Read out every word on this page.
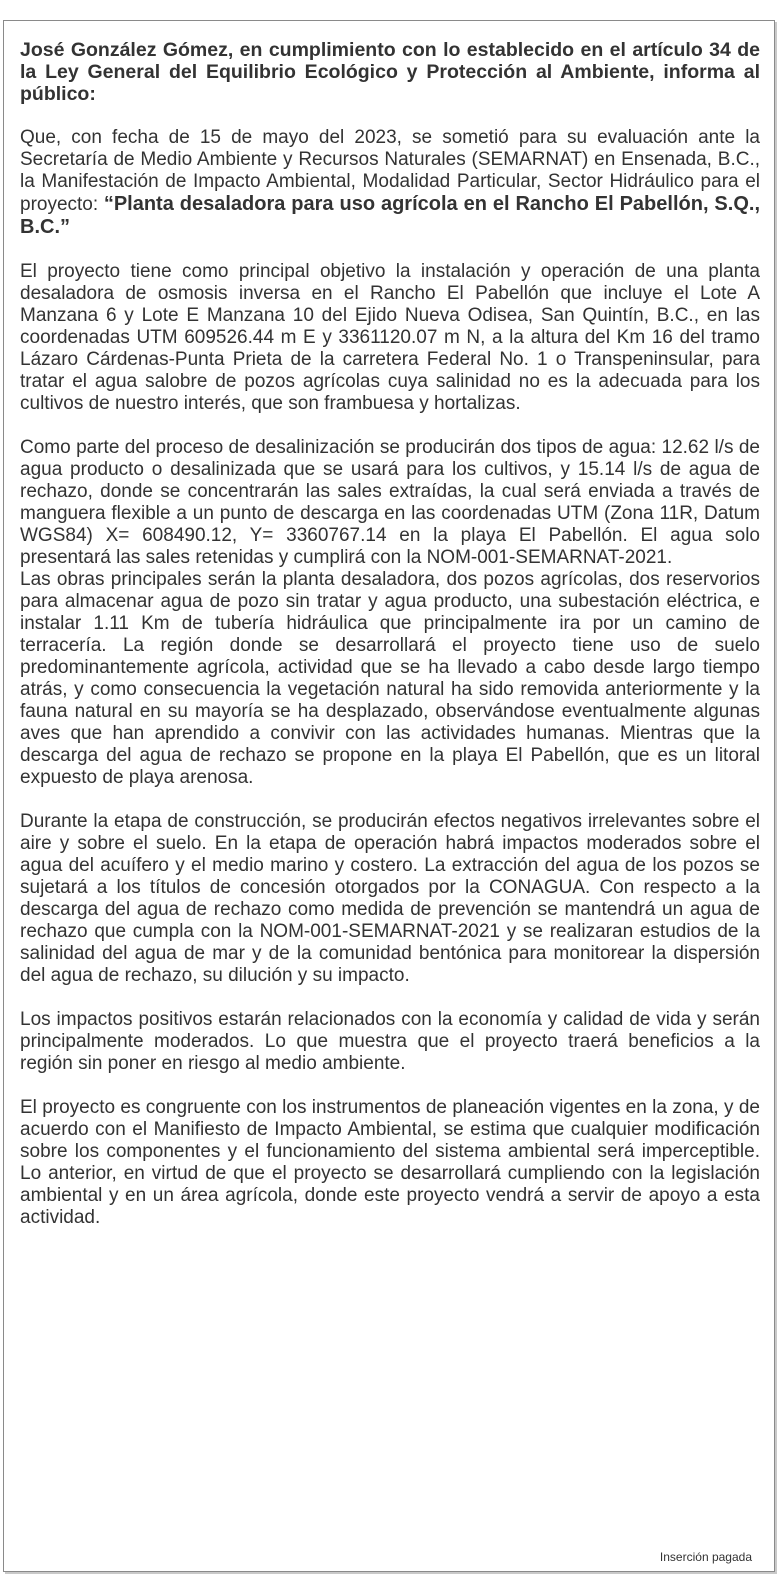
José González Gómez, en cumplimiento con lo establecido en el artículo 34 de la Ley General del Equilibrio Ecológico y Protección al Ambiente, informa al público:

Que, con fecha de 15 de mayo del 2023, se sometió para su evaluación ante la Secretaría de Medio Ambiente y Recursos Naturales (SEMARNAT) en Ensenada, B.C., la Manifestación de Impacto Ambiental, Modalidad Particular, Sector Hidráulico para el proyecto: “Planta desaladora para uso agrícola en el Rancho El Pabellón, S.Q., B.C.”

El proyecto tiene como principal objetivo la instalación y operación de una planta desaladora de osmosis inversa en el Rancho El Pabellón que incluye el Lote A Manzana 6 y Lote E Manzana 10 del Ejido Nueva Odisea, San Quintín, B.C., en las coordenadas UTM 609526.44 m E y 3361120.07 m N, a la altura del Km 16 del tramo Lázaro Cárdenas-Punta Prieta de la carretera Federal No. 1 o Transpeninsular, para tratar el agua salobre de pozos agrícolas cuya salinidad no es la adecuada para los cultivos de nuestro interés, que son frambuesa y hortalizas.

Como parte del proceso de desalinización se producirán dos tipos de agua: 12.62 l/s de agua producto o desalinizada que se usará para los cultivos, y 15.14 l/s de agua de rechazo, donde se concentrarán las sales extraídas, la cual será enviada a través de manguera flexible a un punto de descarga en las coordenadas UTM (Zona 11R, Datum WGS84) X= 608490.12, Y= 3360767.14 en la playa El Pabellón. El agua solo presentará las sales retenidas y cumplirá con la NOM-001-SEMARNAT-2021.

Las obras principales serán la planta desaladora, dos pozos agrícolas, dos reservorios para almacenar agua de pozo sin tratar y agua producto, una subestación eléctrica, e instalar 1.11 Km de tubería hidráulica que principalmente ira por un camino de terracería. La región donde se desarrollará el proyecto tiene uso de suelo predominantemente agrícola, actividad que se ha llevado a cabo desde largo tiempo atrás, y como consecuencia la vegetación natural ha sido removida anteriormente y la fauna natural en su mayoría se ha desplazado, observándose eventualmente algunas aves que han aprendido a convivir con las actividades humanas. Mientras que la descarga del agua de rechazo se propone en la playa El Pabellón, que es un litoral expuesto de playa arenosa.

Durante la etapa de construcción, se producirán efectos negativos irrelevantes sobre el aire y sobre el suelo. En la etapa de operación habrá impactos moderados sobre el agua del acuífero y el medio marino y costero. La extracción del agua de los pozos se sujetará a los títulos de concesión otorgados por la CONAGUA. Con respecto a la descarga del agua de rechazo como medida de prevención se mantendrá un agua de rechazo que cumpla con la NOM-001-SEMARNAT-2021 y se realizaran estudios de la salinidad del agua de mar y de la comunidad bentónica para monitorear la dispersión del agua de rechazo, su dilución y su impacto.

Los impactos positivos estarán relacionados con la economía y calidad de vida y serán principalmente moderados. Lo que muestra que el proyecto traerá beneficios a la región sin poner en riesgo al medio ambiente.

El proyecto es congruente con los instrumentos de planeación vigentes en la zona, y de acuerdo con el Manifiesto de Impacto Ambiental, se estima que cualquier modificación sobre los componentes y el funcionamiento del sistema ambiental será imperceptible. Lo anterior, en virtud de que el proyecto se desarrollará cumpliendo con la legislación ambiental y en un área agrícola, donde este proyecto vendrá a servir de apoyo a esta actividad.

Inserción pagada
